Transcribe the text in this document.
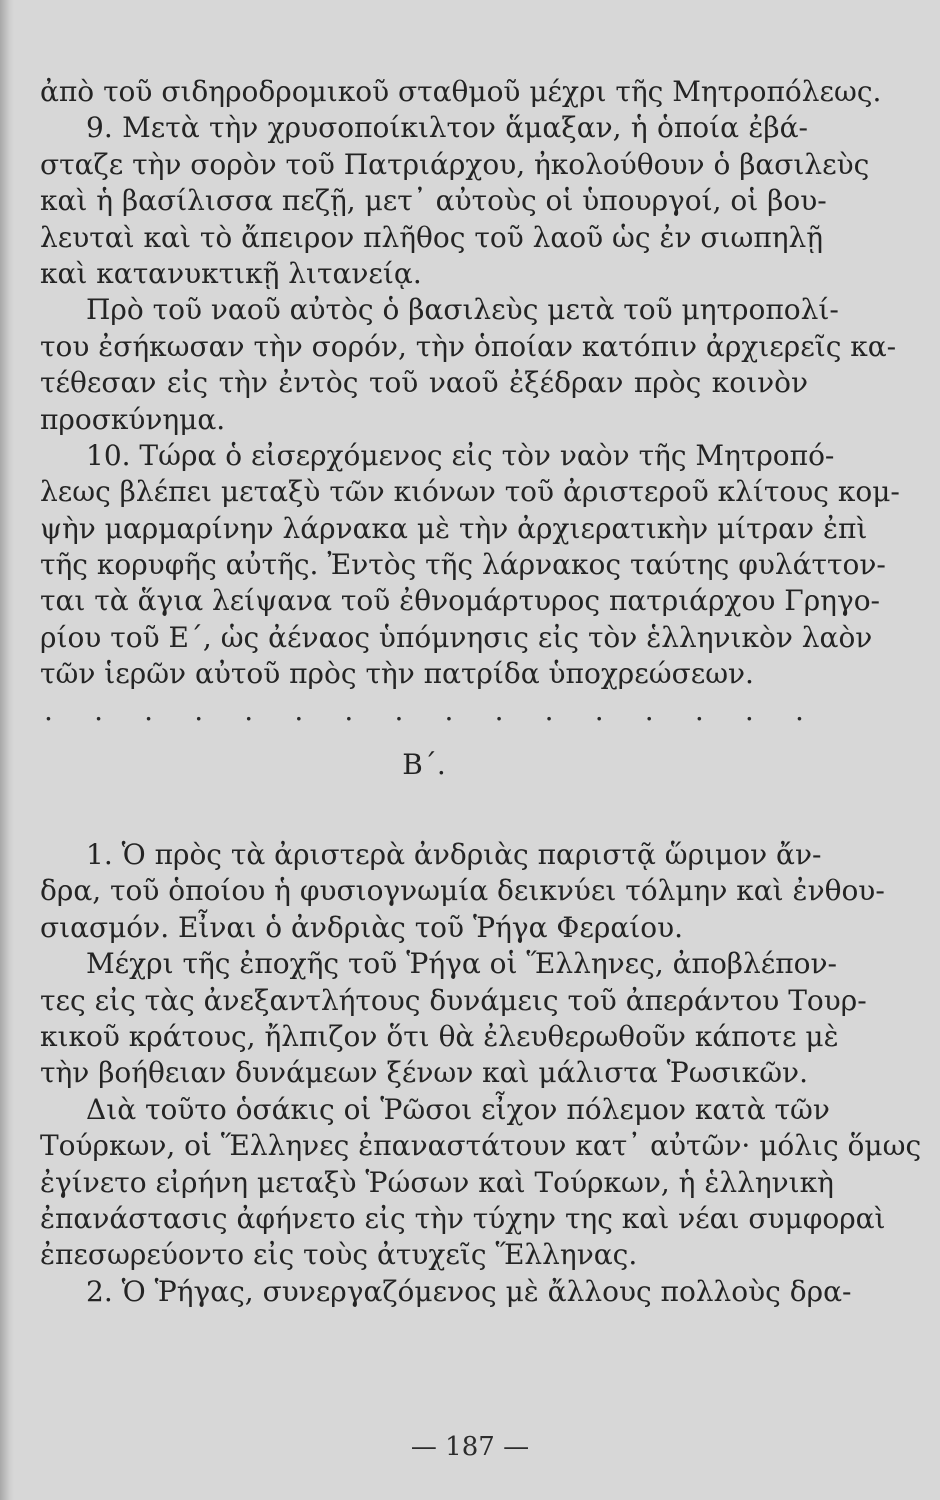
ἀπὸ τοῦ σιδηροδρομικοῦ σταθμοῦ μέχρι τῆς Μητροπόλεως.
9. Μετὰ τὴν χρυσοποίκιλτον ἅμαξαν, ἡ ὁποία ἐβά-
σταζε τὴν σορὸν τοῦ Πατριάρχου, ἠκολούθουν ὁ βασιλεὺς
καὶ ἡ βασίλισσα πεζῇ, μετ᾽ αὐτοὺς οἱ ὑπουργοί, οἱ βου-
λευταὶ καὶ τὸ ἄπειρον πλῆθος τοῦ λαοῦ ὡς ἐν σιωπηλῇ
καὶ κατανυκτικῇ λιτανείᾳ.
Πρὸ τοῦ ναοῦ αὐτὸς ὁ βασιλεὺς μετὰ τοῦ μητροπολί-
του ἐσήκωσαν τὴν σορόν, τὴν ὁποίαν κατόπιν ἀρχιερεῖς κα-
τέθεσαν εἰς τὴν ἐντὸς τοῦ ναοῦ ἐξέδραν πρὸς κοινὸν
προσκύνημα.
10. Τώρα ὁ εἰσερχόμενος εἰς τὸν ναὸν τῆς Μητροπό-
λεως βλέπει μεταξὺ τῶν κιόνων τοῦ ἀριστεροῦ κλίτους κομ-
ψὴν μαρμαρίνην λάρνακα μὲ τὴν ἀρχιερατικὴν μίτραν ἐπὶ
τῆς κορυφῆς αὐτῆς. Ἐντὸς τῆς λάρνακος ταύτης φυλάττον-
ται τὰ ἅγια λείψανα τοῦ ἐθνομάρτυρος πατριάρχου Γρηγο-
ρίου τοῦ Ε΄, ὡς ἀέναος ὑπόμνησις εἰς τὸν ἑλληνικὸν λαὸν
τῶν ἱερῶν αὐτοῦ πρὸς τὴν πατρίδα ὑποχρεώσεων.
. . . . . . . . . . . . . . . .
Β΄.
1. Ὁ πρὸς τὰ ἀριστερὰ ἀνδριὰς παριστᾷ ὥριμον ἄν-
δρα, τοῦ ὁποίου ἡ φυσιογνωμία δεικνύει τόλμην καὶ ἐνθου-
σιασμόν. Εἶναι ὁ ἀνδριὰς τοῦ Ῥήγα Φεραίου.
Μέχρι τῆς ἐποχῆς τοῦ Ῥήγα οἱ Ἕλληνες, ἀποβλέπον-
τες εἰς τὰς ἀνεξαντλήτους δυνάμεις τοῦ ἀπεράντου Τουρ-
κικοῦ κράτους, ἤλπιζον ὅτι θὰ ἐλευθερωθοῦν κάποτε μὲ
τὴν βοήθειαν δυνάμεων ξένων καὶ μάλιστα Ῥωσικῶν.
Διὰ τοῦτο ὁσάκις οἱ Ῥῶσοι εἶχον πόλεμον κατὰ τῶν
Τούρκων, οἱ Ἕλληνες ἐπαναστάτουν κατ᾽ αὐτῶν· μόλις ὅμως
ἐγίνετο εἰρήνη μεταξὺ Ῥώσων καὶ Τούρκων, ἡ ἑλληνικὴ
ἐπανάστασις ἀφήνετο εἰς τὴν τύχην της καὶ νέαι συμφοραὶ
ἐπεσωρεύοντο εἰς τοὺς ἀτυχεῖς Ἕλληνας.
2. Ὁ Ῥήγας, συνεργαζόμενος μὲ ἄλλους πολλοὺς δρα-
— 187 —
